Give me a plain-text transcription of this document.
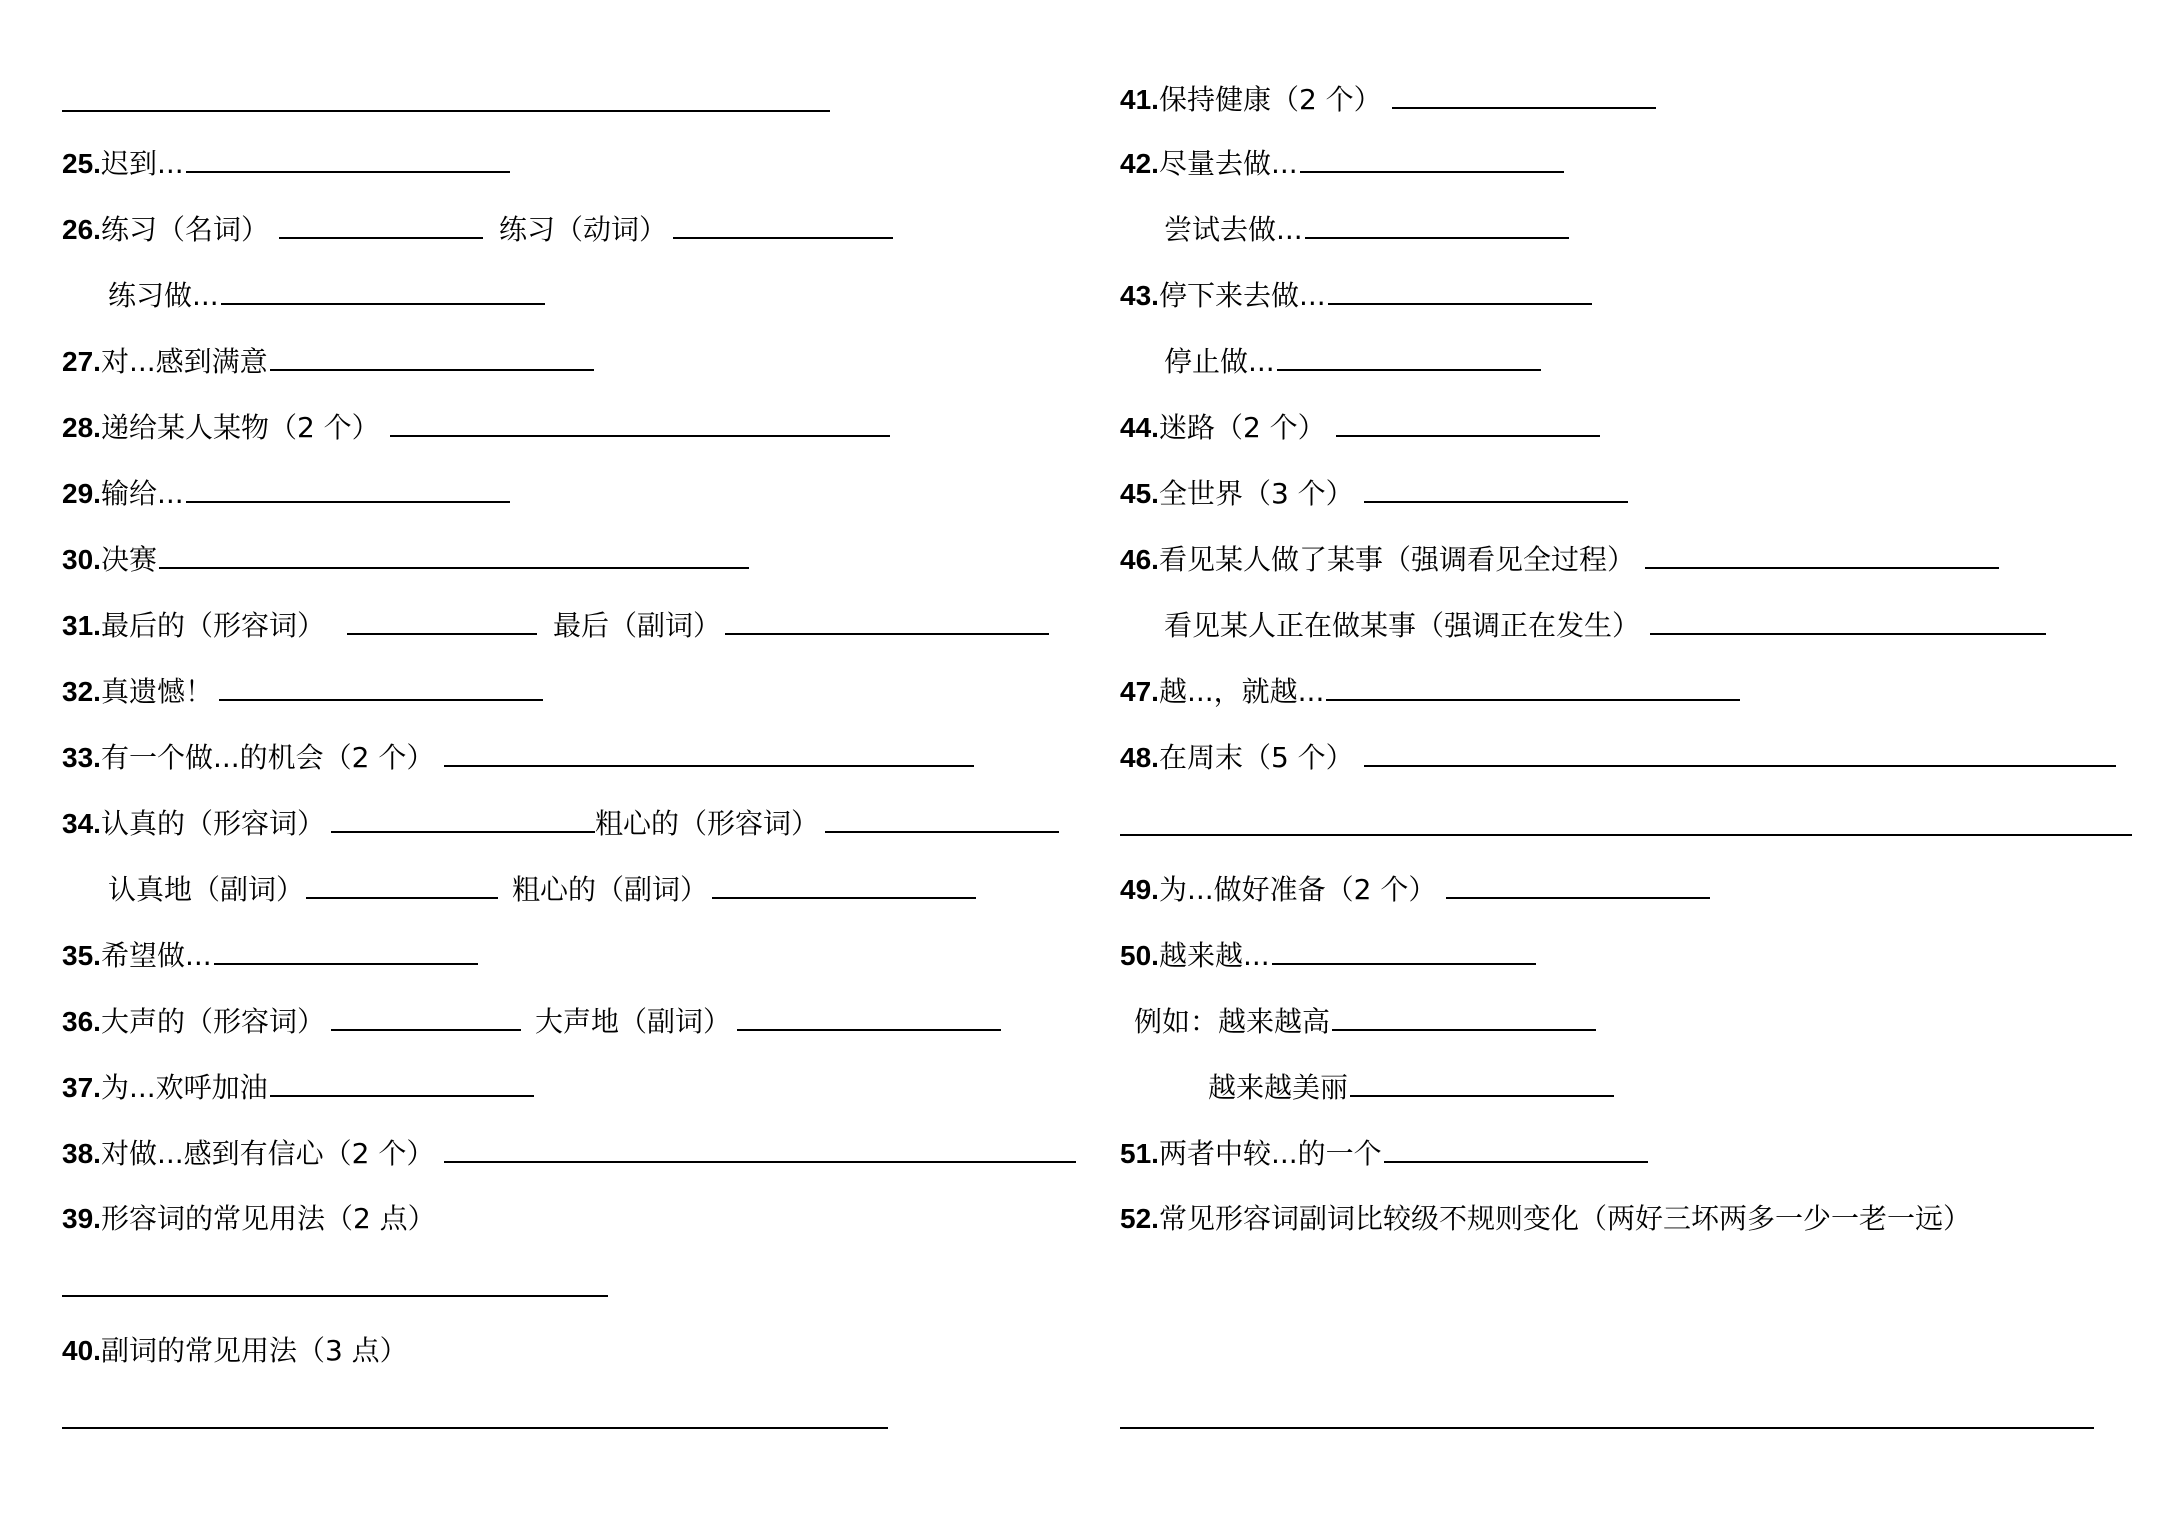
25.迟到...
26.练习（名词）	练习（动词）
练习做...
27.对...感到满意
28.递给某人某物（2 个）
29.输给...
30.决赛
31.最后的（形容词）	最后（副词）
32.真遗憾！
33.有一个做...的机会（2 个）
34.认真的（形容词）	粗心的（形容词）
认真地（副词）	粗心的（副词）
35.希望做...
36.大声的（形容词）	大声地（副词）
37.为...欢呼加油
38.对做...感到有信心（2 个）
39.形容词的常见用法（2 点）
40.副词的常见用法（3 点）
41.保持健康（2 个）
42.尽量去做...
尝试去做...
43.停下来去做...
停止做...
44.迷路（2 个）
45.全世界（3 个）
46.看见某人做了某事（强调看见全过程）
看见某人正在做某事（强调正在发生）
47.越...，就越...
48.在周末（5 个）
49.为...做好准备（2 个）
50.越来越...
例如：越来越高
越来越美丽
51.两者中较...的一个
52.常见形容词副词比较级不规则变化（两好三坏两多一少一老一远）
